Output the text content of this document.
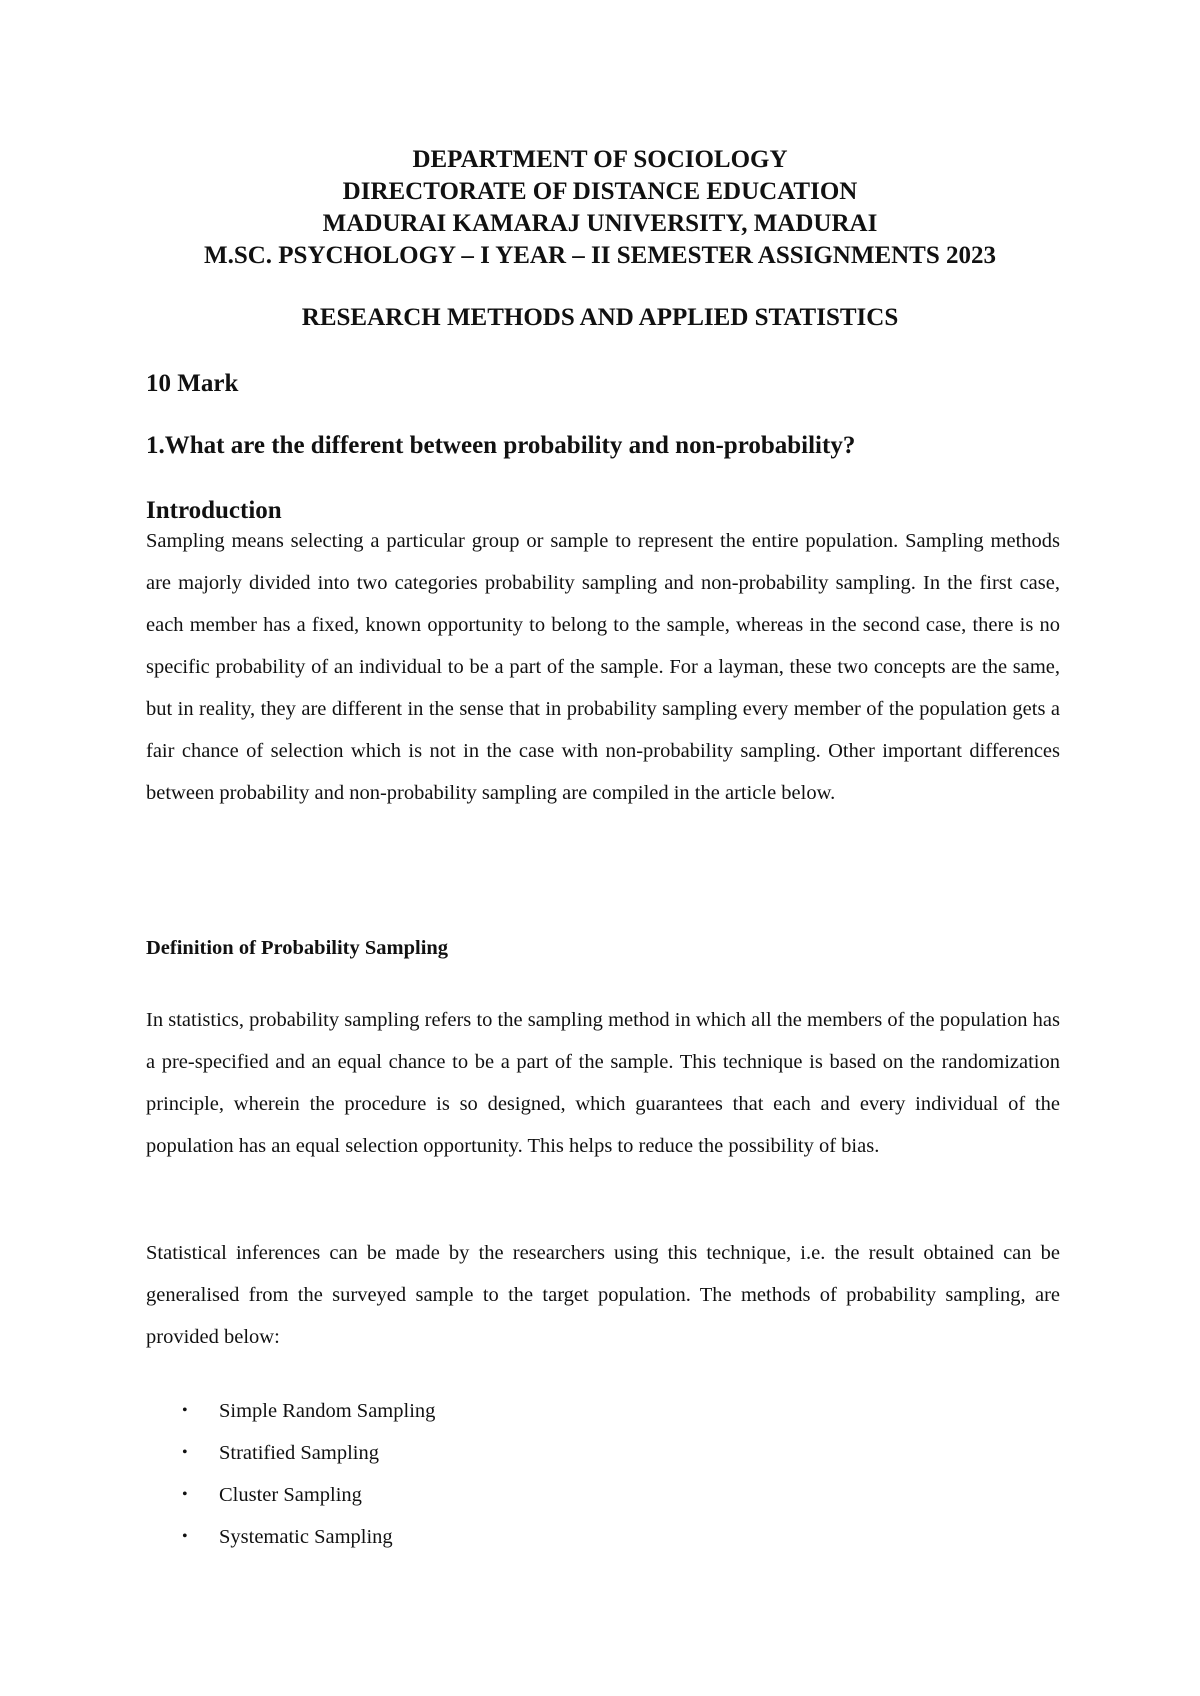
DEPARTMENT OF SOCIOLOGY
DIRECTORATE OF DISTANCE EDUCATION
MADURAI KAMARAJ UNIVERSITY, MADURAI
M.SC. PSYCHOLOGY – I YEAR – II SEMESTER ASSIGNMENTS 2023
RESEARCH METHODS AND APPLIED STATISTICS
10 Mark
1.What are the different between probability and non-probability?
Introduction
Sampling means selecting a particular group or sample to represent the entire population. Sampling methods are majorly divided into two categories probability sampling and non-probability sampling. In the first case, each member has a fixed, known opportunity to belong to the sample, whereas in the second case, there is no specific probability of an individual to be a part of the sample. For a layman, these two concepts are the same, but in reality, they are different in the sense that in probability sampling every member of the population gets a fair chance of selection which is not in the case with non-probability sampling. Other important differences between probability and non-probability sampling are compiled in the article below.
Definition of Probability Sampling
In statistics, probability sampling refers to the sampling method in which all the members of the population has a pre-specified and an equal chance to be a part of the sample. This technique is based on the randomization principle, wherein the procedure is so designed, which guarantees that each and every individual of the population has an equal selection opportunity. This helps to reduce the possibility of bias.
Statistical inferences can be made by the researchers using this technique, i.e. the result obtained can be generalised from the surveyed sample to the target population. The methods of probability sampling, are provided below:
• Simple Random Sampling
• Stratified Sampling
• Cluster Sampling
• Systematic Sampling
